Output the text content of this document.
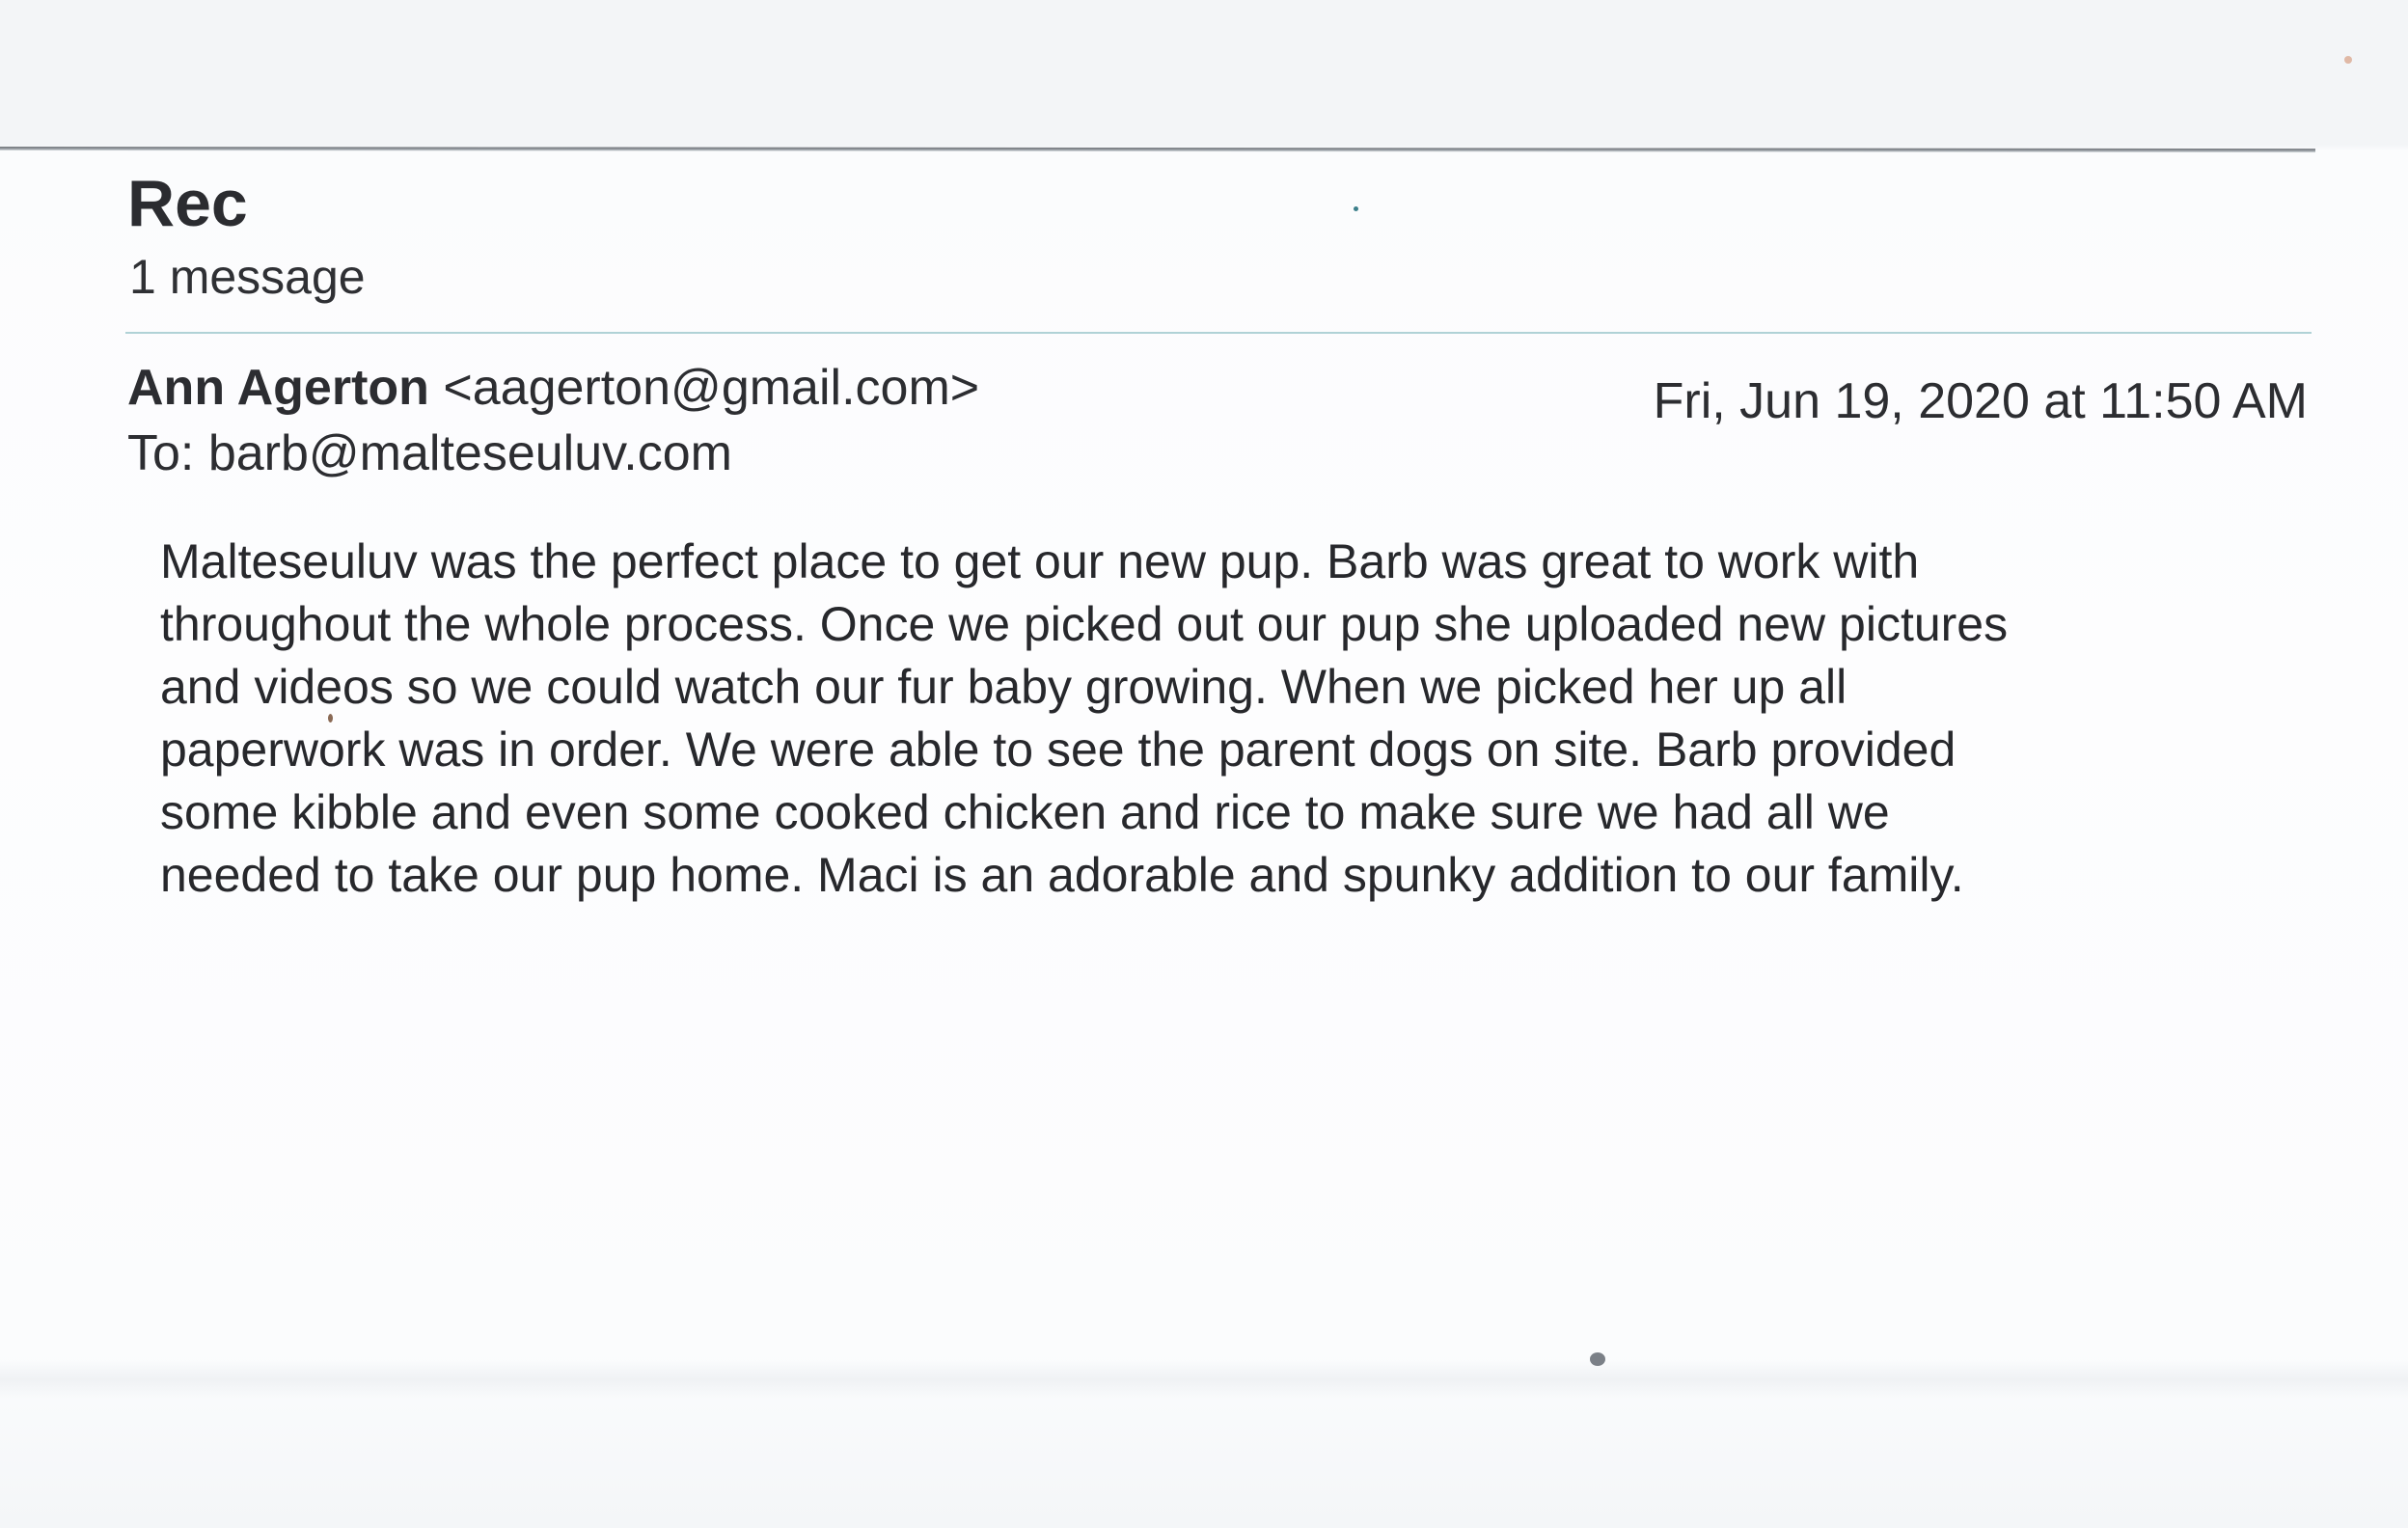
Rec
1 message
Ann Agerton <aagerton@gmail.com>
To: barb@malteseuluv.com
Fri, Jun 19, 2020 at 11:50 AM
Malteseuluv was the perfect place to get our new pup. Barb was great to work with
throughout the whole process. Once we picked out our pup she uploaded new pictures
and videos so we could watch our fur baby growing. When we picked her up all
paperwork was in order. We were able to see the parent dogs on site. Barb provided
some kibble and even some cooked chicken and rice to make sure we had all we
needed to take our pup home. Maci is an adorable and spunky addition to our family.
